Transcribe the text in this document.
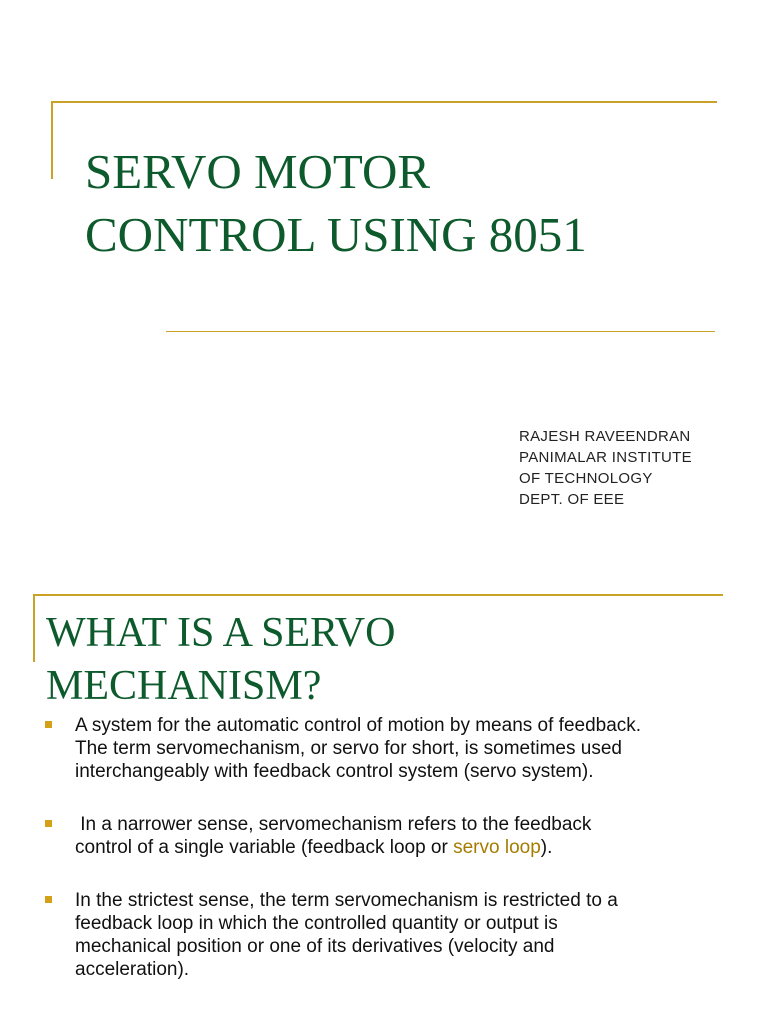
SERVO MOTOR
CONTROL USING 8051
RAJESH RAVEENDRAN
PANIMALAR INSTITUTE
OF TECHNOLOGY
DEPT. OF EEE
WHAT IS A SERVO
MECHANISM?
A system for the automatic control of motion by means of feedback.
The term servomechanism, or servo for short, is sometimes used
interchangeably with feedback control system (servo system).
In a narrower sense, servomechanism refers to the feedback
control of a single variable (feedback loop or servo loop).
In the strictest sense, the term servomechanism is restricted to a
feedback loop in which the controlled quantity or output is
mechanical position or one of its derivatives (velocity and
acceleration).
